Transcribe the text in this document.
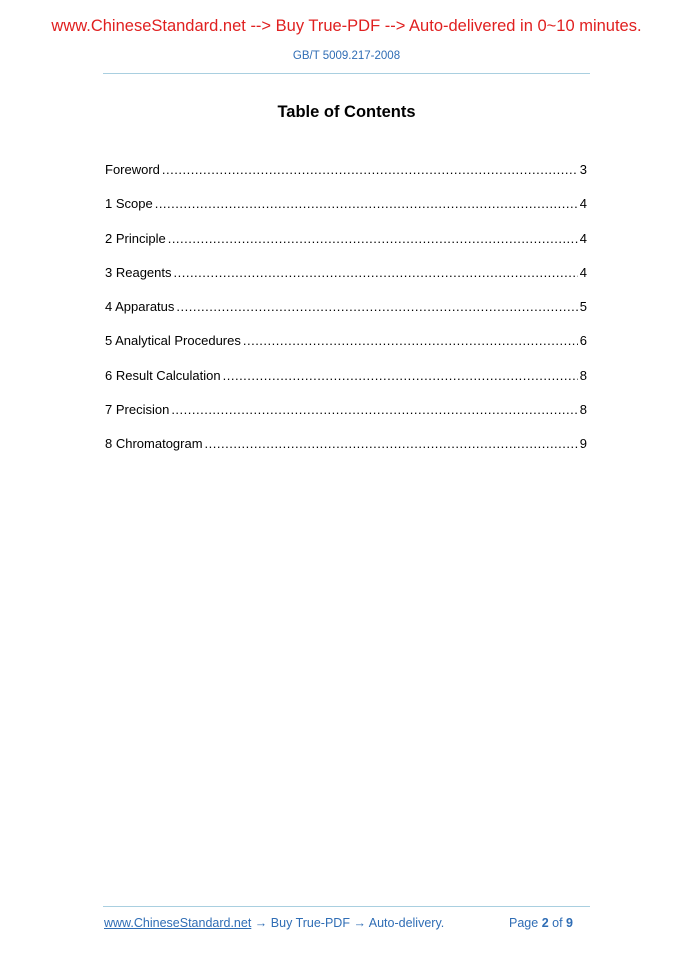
www.ChineseStandard.net --> Buy True-PDF --> Auto-delivered in 0~10 minutes.
GB/T 5009.217-2008
Table of Contents
Foreword .....	3
1 Scope .....	4
2 Principle .....	4
3 Reagents .....	4
4 Apparatus .....	5
5 Analytical Procedures .....	6
6 Result Calculation .....	8
7 Precision .....	8
8 Chromatogram .....	9
www.ChineseStandard.net → Buy True-PDF → Auto-delivery.	Page 2 of 9
